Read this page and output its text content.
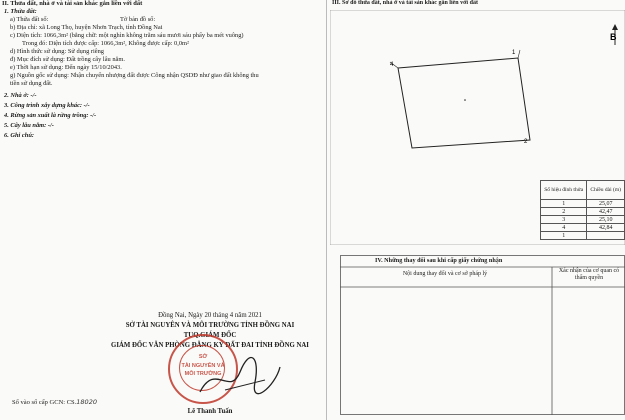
II. Thửa đất, nhà ở và tài sản khác gắn liền với đất
1. Thửa đất:
a) Thửa đất số:	Tờ bản đồ số:
b) Địa chỉ: xã Long Thọ, huyện Nhơn Trạch, tỉnh Đồng Nai
c) Diện tích: 1066,3m² (bằng chữ: một nghìn không trăm sáu mươi sáu phẩy ba mét vuông)
Trong đó: Diện tích được cấp: 1066,3m², Không được cấp: 0,0m²
d) Hình thức sử dụng: Sử dụng riêng
đ) Mục đích sử dụng: Đất trồng cây lâu năm.
e) Thời hạn sử dụng: Đến ngày 15/10/2043.
g) Nguồn gốc sử dụng: Nhận chuyển nhượng đất được Công nhận QSDĐ như giao đất không thu
tiền sử dụng đất.
2. Nhà ở: -/-
3. Công trình xây dựng khác: -/-
4. Rừng sản xuất là rừng trồng: -/-
5. Cây lâu năm: -/-
6. Ghi chú:
Đồng Nai, Ngày 20 tháng 4 năm 2021
SỞ TÀI NGUYÊN VÀ MÔI TRƯỜNG TỈNH ĐỒNG NAI
TUQ.GIÁM ĐỐC
GIÁM ĐỐC VĂN PHÒNG ĐĂNG KÝ ĐẤT ĐAI TỈNH ĐỒNG NAI
SỞ
TÀI NGUYÊN VÀ
MÔI TRƯỜNG
Lê Thanh Tuấn
Số vào sổ cấp GCN: CS.18020
III. Sơ đồ thửa đất, nhà ở và tài sản khác gắn liền với đất
1
2
4
B
Số hiệu đỉnh thửa	Chiều dài (m)
1	25,07
2	42,47
3	25,10
4	42,84
1	
IV. Những thay đổi sau khi cấp giấy chứng nhận
Nội dung thay đổi và cơ sở pháp lý	Xác nhận của cơ quan có thẩm quyền
